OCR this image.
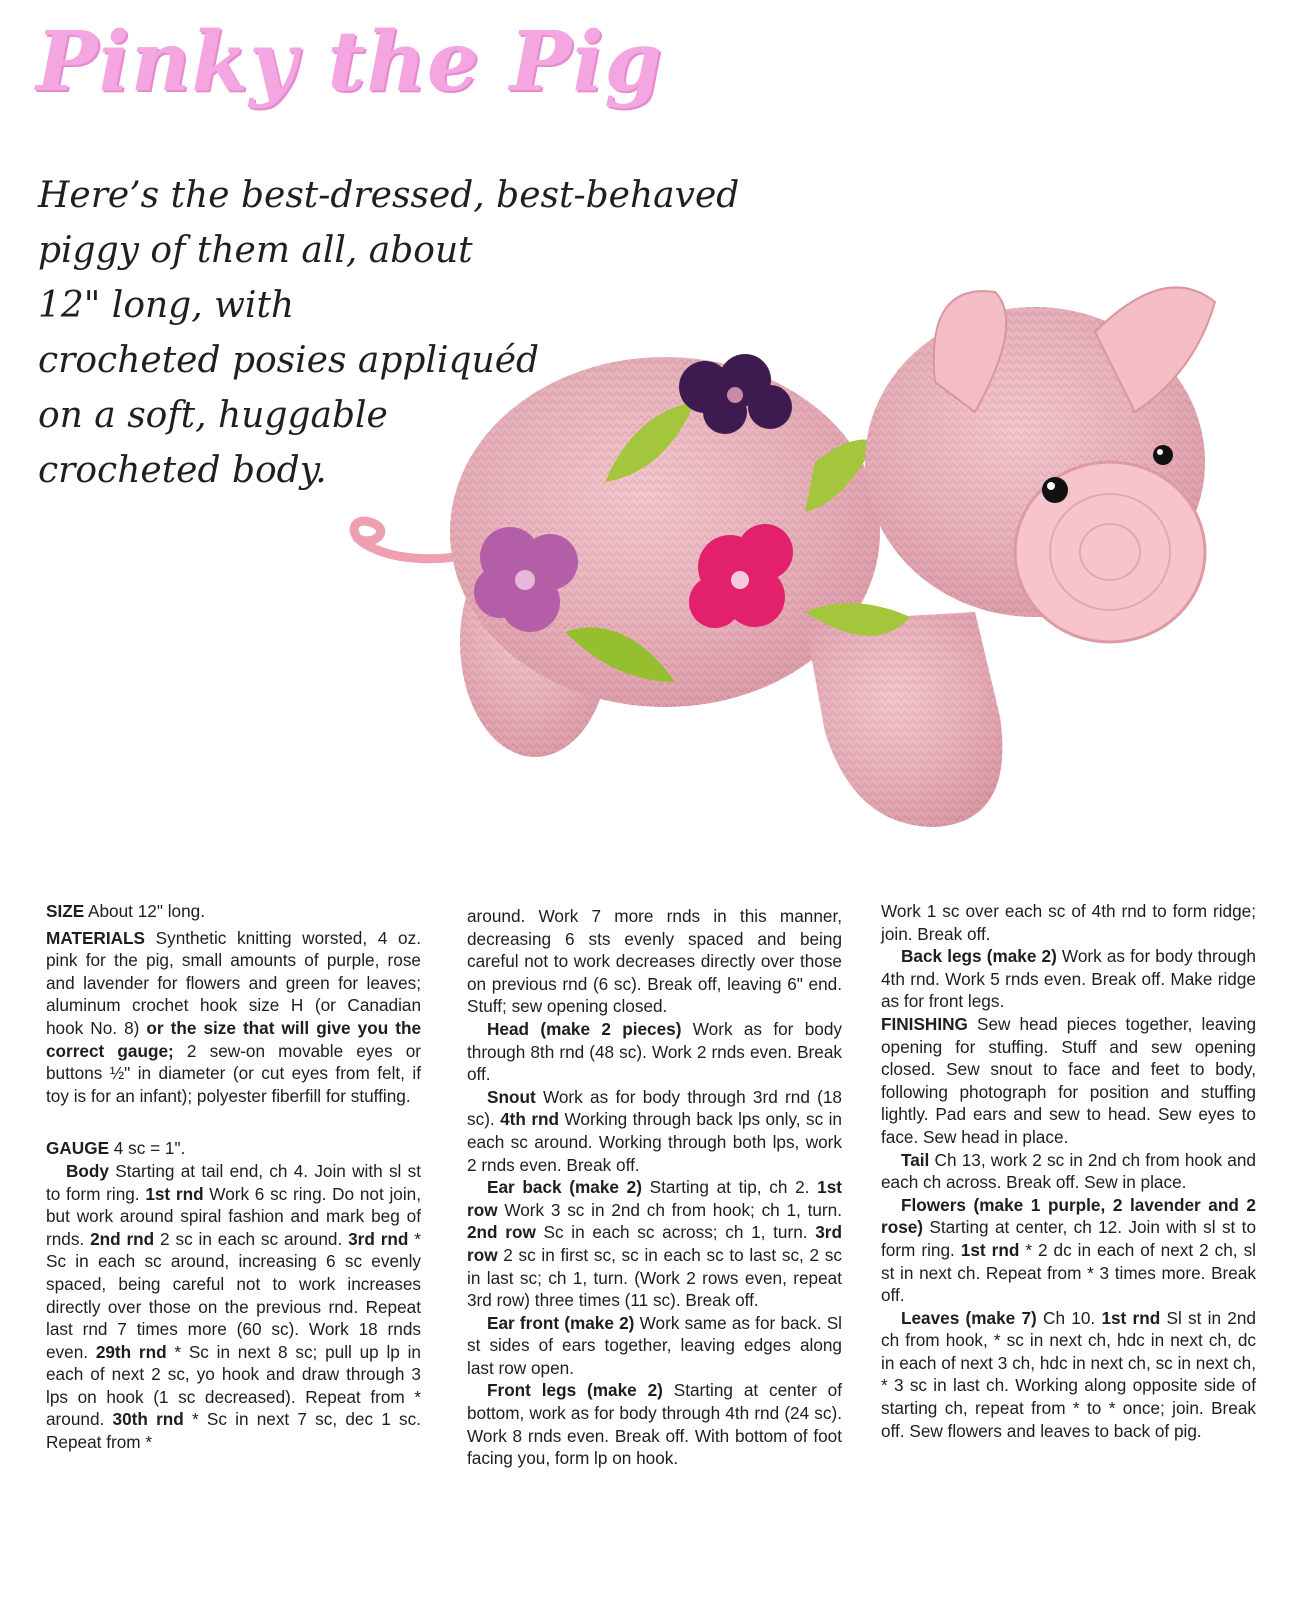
Pinky the Pig
Here’s the best-dressed, best-behaved
piggy of them all, about
12" long, with
crocheted posies appliquéd
on a soft, huggable
crocheted body.

SIZE About 12" long.

MATERIALS Synthetic knitting worsted, 4 oz. pink for the pig, small amounts of purple, rose and lavender for flowers and green for leaves; aluminum crochet hook size H (or Canadian hook No. 8) or the size that will give you the correct gauge; 2 sew-on movable eyes or buttons ½" in diameter (or cut eyes from felt, if toy is for an infant); polyester fiberfill for stuffing.

GAUGE 4 sc = 1".

Body Starting at tail end, ch 4. Join with sl st to form ring. 1st rnd Work 6 sc ring. Do not join, but work around spiral fashion and mark beg of rnds. 2nd rnd 2 sc in each sc around. 3rd rnd * Sc in each sc around, increasing 6 sc evenly spaced, being careful not to work increases directly over those on the previous rnd. Repeat last rnd 7 times more (60 sc). Work 18 rnds even. 29th rnd * Sc in next 8 sc; pull up lp in each of next 2 sc, yo hook and draw through 3 lps on hook (1 sc decreased). Repeat from * around. 30th rnd * Sc in next 7 sc, dec 1 sc. Repeat from *

around. Work 7 more rnds in this manner, decreasing 6 sts evenly spaced and being careful not to work decreases directly over those on previous rnd (6 sc). Break off, leaving 6" end. Stuff; sew opening closed.

Head (make 2 pieces) Work as for body through 8th rnd (48 sc). Work 2 rnds even. Break off.

Snout Work as for body through 3rd rnd (18 sc). 4th rnd Working through back lps only, sc in each sc around. Working through both lps, work 2 rnds even. Break off.

Ear back (make 2) Starting at tip, ch 2. 1st row Work 3 sc in 2nd ch from hook; ch 1, turn. 2nd row Sc in each sc across; ch 1, turn. 3rd row 2 sc in first sc, sc in each sc to last sc, 2 sc in last sc; ch 1, turn. (Work 2 rows even, repeat 3rd row) three times (11 sc). Break off.

Ear front (make 2) Work same as for back. Sl st sides of ears together, leaving edges along last row open.

Front legs (make 2) Starting at center of bottom, work as for body through 4th rnd (24 sc). Work 8 rnds even. Break off. With bottom of foot facing you, form lp on hook.

Work 1 sc over each sc of 4th rnd to form ridge; join. Break off.

Back legs (make 2) Work as for body through 4th rnd. Work 5 rnds even. Break off. Make ridge as for front legs.

FINISHING Sew head pieces together, leaving opening for stuffing. Stuff and sew opening closed. Sew snout to face and feet to body, following photograph for position and stuffing lightly. Pad ears and sew to head. Sew eyes to face. Sew head in place.

Tail Ch 13, work 2 sc in 2nd ch from hook and each ch across. Break off. Sew in place.

Flowers (make 1 purple, 2 lavender and 2 rose) Starting at center, ch 12. Join with sl st to form ring. 1st rnd * 2 dc in each of next 2 ch, sl st in next ch. Repeat from * 3 times more. Break off.

Leaves (make 7) Ch 10. 1st rnd Sl st in 2nd ch from hook, * sc in next ch, hdc in next ch, dc in each of next 3 ch, hdc in next ch, sc in next ch, * 3 sc in last ch. Working along opposite side of starting ch, repeat from * to * once; join. Break off. Sew flowers and leaves to back of pig.
